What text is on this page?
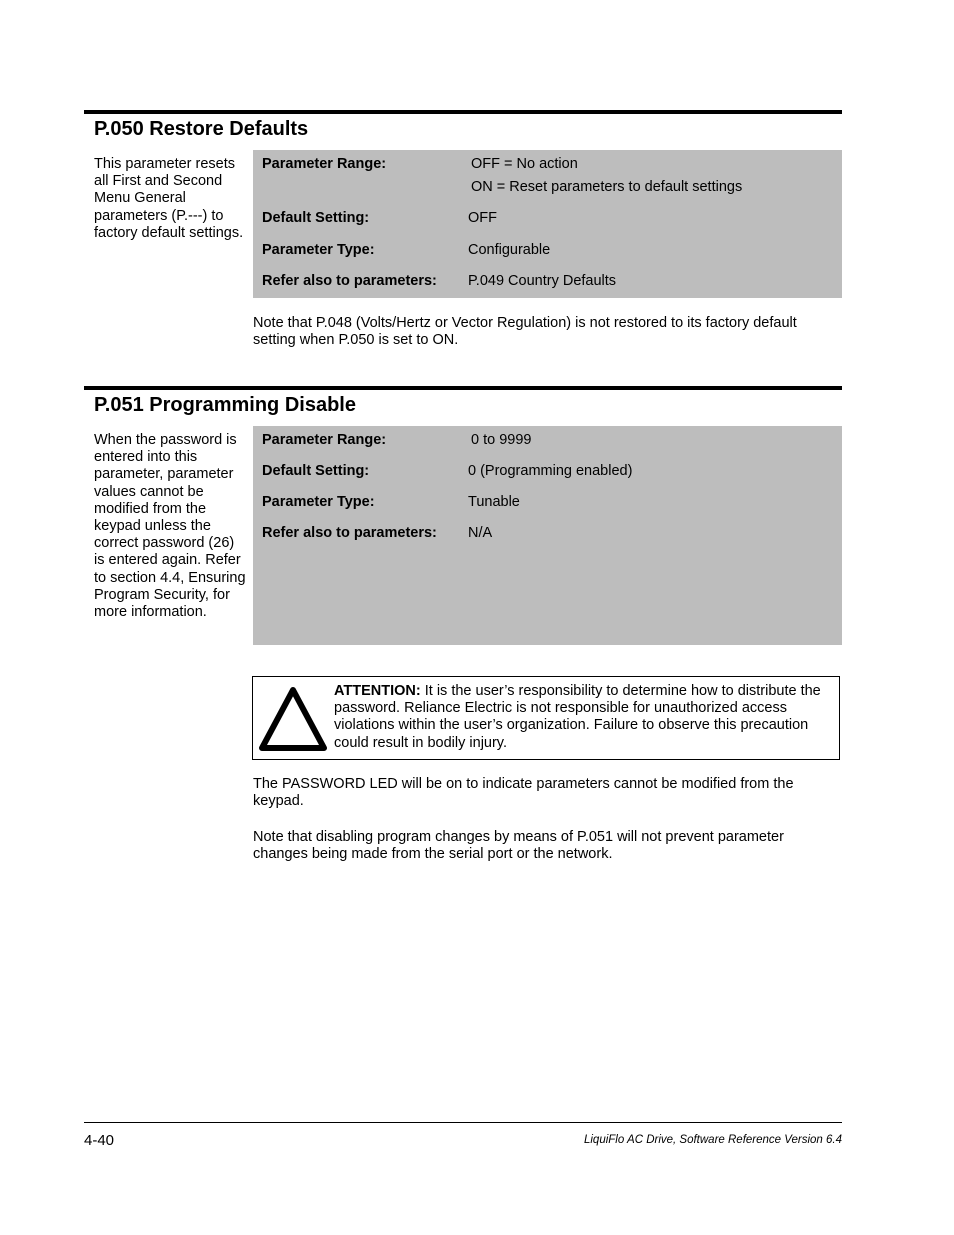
P.050 Restore Defaults
This parameter resets all First and Second Menu General parameters (P.---) to factory default settings.
Parameter Range:	OFF = No action
ON = Reset parameters to default settings
Default Setting:	OFF
Parameter Type:	Configurable
Refer also to parameters: P.049 Country Defaults
Note that P.048 (Volts/Hertz or Vector Regulation) is not restored to its factory default setting when P.050 is set to ON.
P.051 Programming Disable
When the password is entered into this parameter, parameter values cannot be modified from the keypad unless the correct password (26) is entered again. Refer to section 4.4, Ensuring Program Security, for more information.
Parameter Range:	0 to 9999
Default Setting:	0 (Programming enabled)
Parameter Type:	Tunable
Refer also to parameters: N/A
ATTENTION: It is the user’s responsibility to determine how to distribute the password. Reliance Electric is not responsible for unauthorized access violations within the user’s organization. Failure to observe this precaution could result in bodily injury.
The PASSWORD LED will be on to indicate parameters cannot be modified from the keypad.
Note that disabling program changes by means of P.051 will not prevent parameter changes being made from the serial port or the network.
4-40	LiquiFlo AC Drive, Software Reference Version 6.4
